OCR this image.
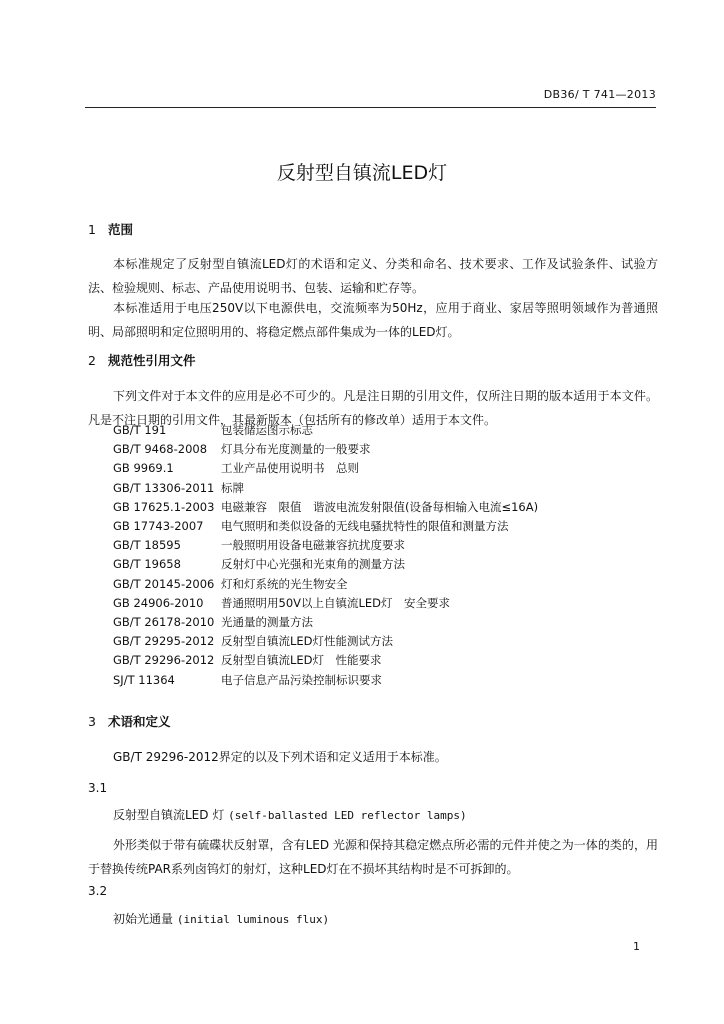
DB36/ T 741—2013
反射型自镇流LED灯
1 范围
本标准规定了反射型自镇流LED灯的术语和定义、分类和命名、技术要求、工作及试验条件、试验方法、检验规则、标志、产品使用说明书、包装、运输和贮存等。
本标准适用于电压250V以下电源供电，交流频率为50Hz，应用于商业、家居等照明领域作为普通照明、局部照明和定位照明用的、将稳定燃点部件集成为一体的LED灯。
2 规范性引用文件
下列文件对于本文件的应用是必不可少的。凡是注日期的引用文件，仅所注日期的版本适用于本文件。凡是不注日期的引用文件，其最新版本（包括所有的修改单）适用于本文件。
GB/T 191	包装储运图示标志
GB/T 9468-2008 灯具分布光度测量的一般要求
GB 9969.1	工业产品使用说明书　总则
GB/T 13306-2011 标牌
GB 17625.1-2003 电磁兼容　限值　谐波电流发射限值(设备每相输入电流≤16A)
GB 17743-2007 电气照明和类似设备的无线电骚扰特性的限值和测量方法
GB/T 18595	一般照明用设备电磁兼容抗扰度要求
GB/T 19658	反射灯中心光强和光束角的测量方法
GB/T 20145-2006 灯和灯系统的光生物安全
GB 24906-2010 普通照明用50V以上自镇流LED灯　安全要求
GB/T 26178-2010 光通量的测量方法
GB/T 29295-2012 反射型自镇流LED灯性能测试方法
GB/T 29296-2012 反射型自镇流LED灯　性能要求
SJ/T 11364	电子信息产品污染控制标识要求
3 术语和定义
GB/T 29296-2012界定的以及下列术语和定义适用于本标准。
3.1
反射型自镇流LED 灯 (self-ballasted LED reflector lamps)
外形类似于带有硫碟状反射罩，含有LED 光源和保持其稳定燃点所必需的元件并使之为一体的类的，用于替换传统PAR系列卤钨灯的射灯，这种LED灯在不损坏其结构时是不可拆卸的。
3.2
初始光通量 (initial luminous flux)
1
